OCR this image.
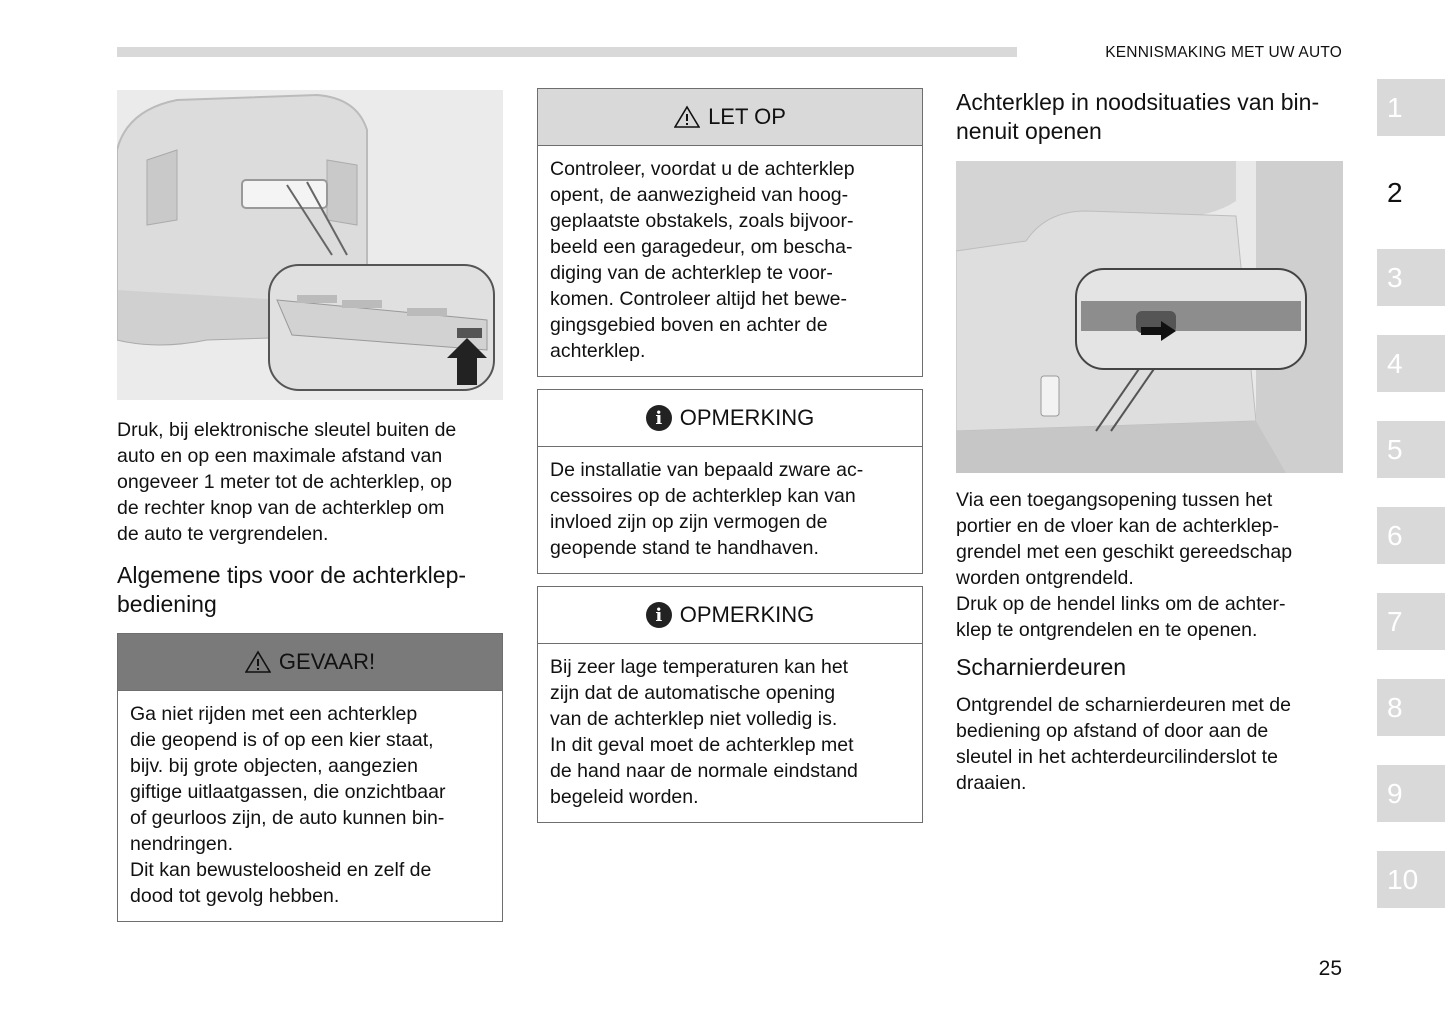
KENNISMAKING MET UW AUTO

Druk, bij elektronische sleutel buiten de
auto en op een maximale afstand van
ongeveer 1 meter tot de achterklep, op
de rechter knop van de achterklep om
de auto te vergrendelen.

Algemene tips voor de achterklep-
bediening

GEVAAR!
Ga niet rijden met een achterklep
die geopend is of op een kier staat,
bijv. bij grote objecten, aangezien
giftige uitlaatgassen, die onzichtbaar
of geurloos zijn, de auto kunnen bin-
nendringen.
Dit kan bewusteloosheid en zelf de
dood tot gevolg hebben.
LET OP
Controleer, voordat u de achterklep
opent, de aanwezigheid van hoog-
geplaatste obstakels, zoals bijvoor-
beeld een garagedeur, om bescha-
diging van de achterklep te voor-
komen. Controleer altijd het bewe-
gingsgebied boven en achter de
achterklep.
i OPMERKING
De installatie van bepaald zware ac-
cessoires op de achterklep kan van
invloed zijn op zijn vermogen de
geopende stand te handhaven.
i OPMERKING
Bij zeer lage temperaturen kan het
zijn dat de automatische opening
van de achterklep niet volledig is.
In dit geval moet de achterklep met
de hand naar de normale eindstand
begeleid worden.

Achterklep in noodsituaties van bin-
nenuit openen

Via een toegangsopening tussen het
portier en de vloer kan de achterklep-
grendel met een geschikt gereedschap
worden ontgrendeld.
Druk op de hendel links om de achter-
klep te ontgrendelen en te openen.

Scharnierdeuren

Ontgrendel de scharnierdeuren met de
bediening op afstand of door aan de
sleutel in het achterdeurcilinderslot te
draaien.

1
2
3
4
5
6
7
8
9
10
25
